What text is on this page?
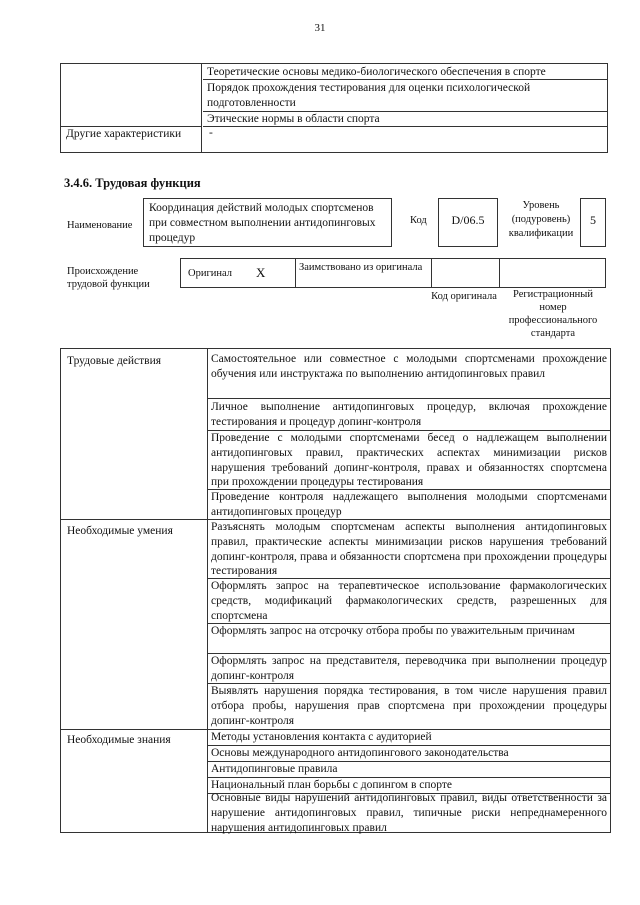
31
Теоретические основы медико-биологического обеспечения в спорте
Порядок прохождения тестирования для оценки психологической подготовленности
Этические нормы в области спорта
Другие характеристики	-
3.4.6. Трудовая функция
Наименование
Координация действий молодых спортсменов при совместном выполнении антидопинговых процедур
Код	D/06.5
Уровень (подуровень) квалификации
5
Происхождение трудовой функции
Оригинал X	Заимствовано из оригинала
Код оригинала	Регистрационный номер профессионального стандарта
Трудовые действия	Самостоятельное или совместное с молодыми спортсменами прохождение обучения или инструктажа по выполнению антидопинговых правил
Личное выполнение антидопинговых процедур, включая прохождение тестирования и процедур допинг-контроля
Проведение с молодыми спортсменами бесед о надлежащем выполнении антидопинговых правил, практических аспектах минимизации рисков нарушения требований допинг-контроля, правах и обязанностях спортсмена при прохождении процедуры тестирования
Проведение контроля надлежащего выполнения молодыми спортсменами антидопинговых процедур
Необходимые умения	Разъяснять молодым спортсменам аспекты выполнения антидопинговых правил, практические аспекты минимизации рисков нарушения требований допинг-контроля, права и обязанности спортсмена при прохождении процедуры тестирования
Оформлять запрос на терапевтическое использование фармакологических средств, модификаций фармакологических средств, разрешенных для спортсмена
Оформлять запрос на отсрочку отбора пробы по уважительным причинам
Оформлять запрос на представителя, переводчика при выполнении процедур допинг-контроля
Выявлять нарушения порядка тестирования, в том числе нарушения правил отбора пробы, нарушения прав спортсмена при прохождении процедуры допинг-контроля
Необходимые знания	Методы установления контакта с аудиторией
Основы международного антидопингового законодательства
Антидопинговые правила
Национальный план борьбы с допингом в спорте
Основные виды нарушений антидопинговых правил, виды ответственности за нарушение антидопинговых правил, типичные риски непреднамеренного нарушения антидопинговых правил
